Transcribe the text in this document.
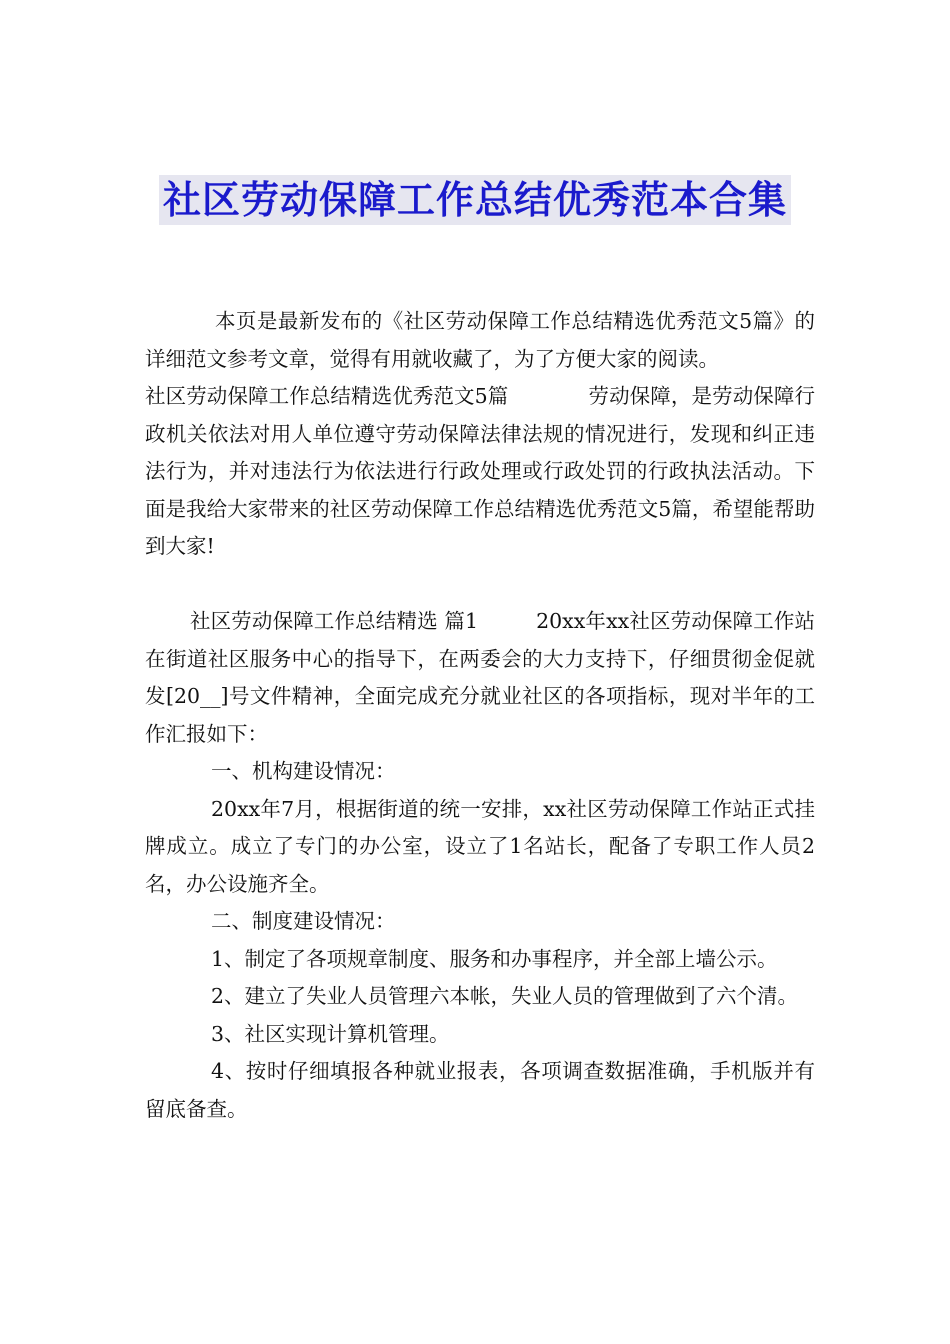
社区劳动保障工作总结优秀范本合集

本页是最新发布的《社区劳动保障工作总结精选优秀范文5篇》的详细范文参考文章，觉得有用就收藏了，为了方便大家的阅读。

社区劳动保障工作总结精选优秀范文5篇	劳动保障，是劳动保障行政机关依法对用人单位遵守劳动保障法律法规的情况进行，发现和纠正违法行为，并对违法行为依法进行行政处理或行政处罚的行政执法活动。下面是我给大家带来的社区劳动保障工作总结精选优秀范文5篇，希望能帮助到大家!

社区劳动保障工作总结精选 篇1	20xx年xx社区劳动保障工作站在街道社区服务中心的指导下，在两委会的大力支持下，仔细贯彻金促就发[20__]号文件精神，全面完成充分就业社区的各项指标，现对半年的工作汇报如下：

一、机构建设情况：

20xx年7月，根据街道的统一安排，xx社区劳动保障工作站正式挂牌成立。成立了专门的办公室，设立了1名站长，配备了专职工作人员2名，办公设施齐全。

二、制度建设情况：

1、制定了各项规章制度、服务和办事程序，并全部上墙公示。

2、建立了失业人员管理六本帐，失业人员的管理做到了六个清。

3、社区实现计算机管理。

4、按时仔细填报各种就业报表，各项调查数据准确，手机版并有留底备查。
